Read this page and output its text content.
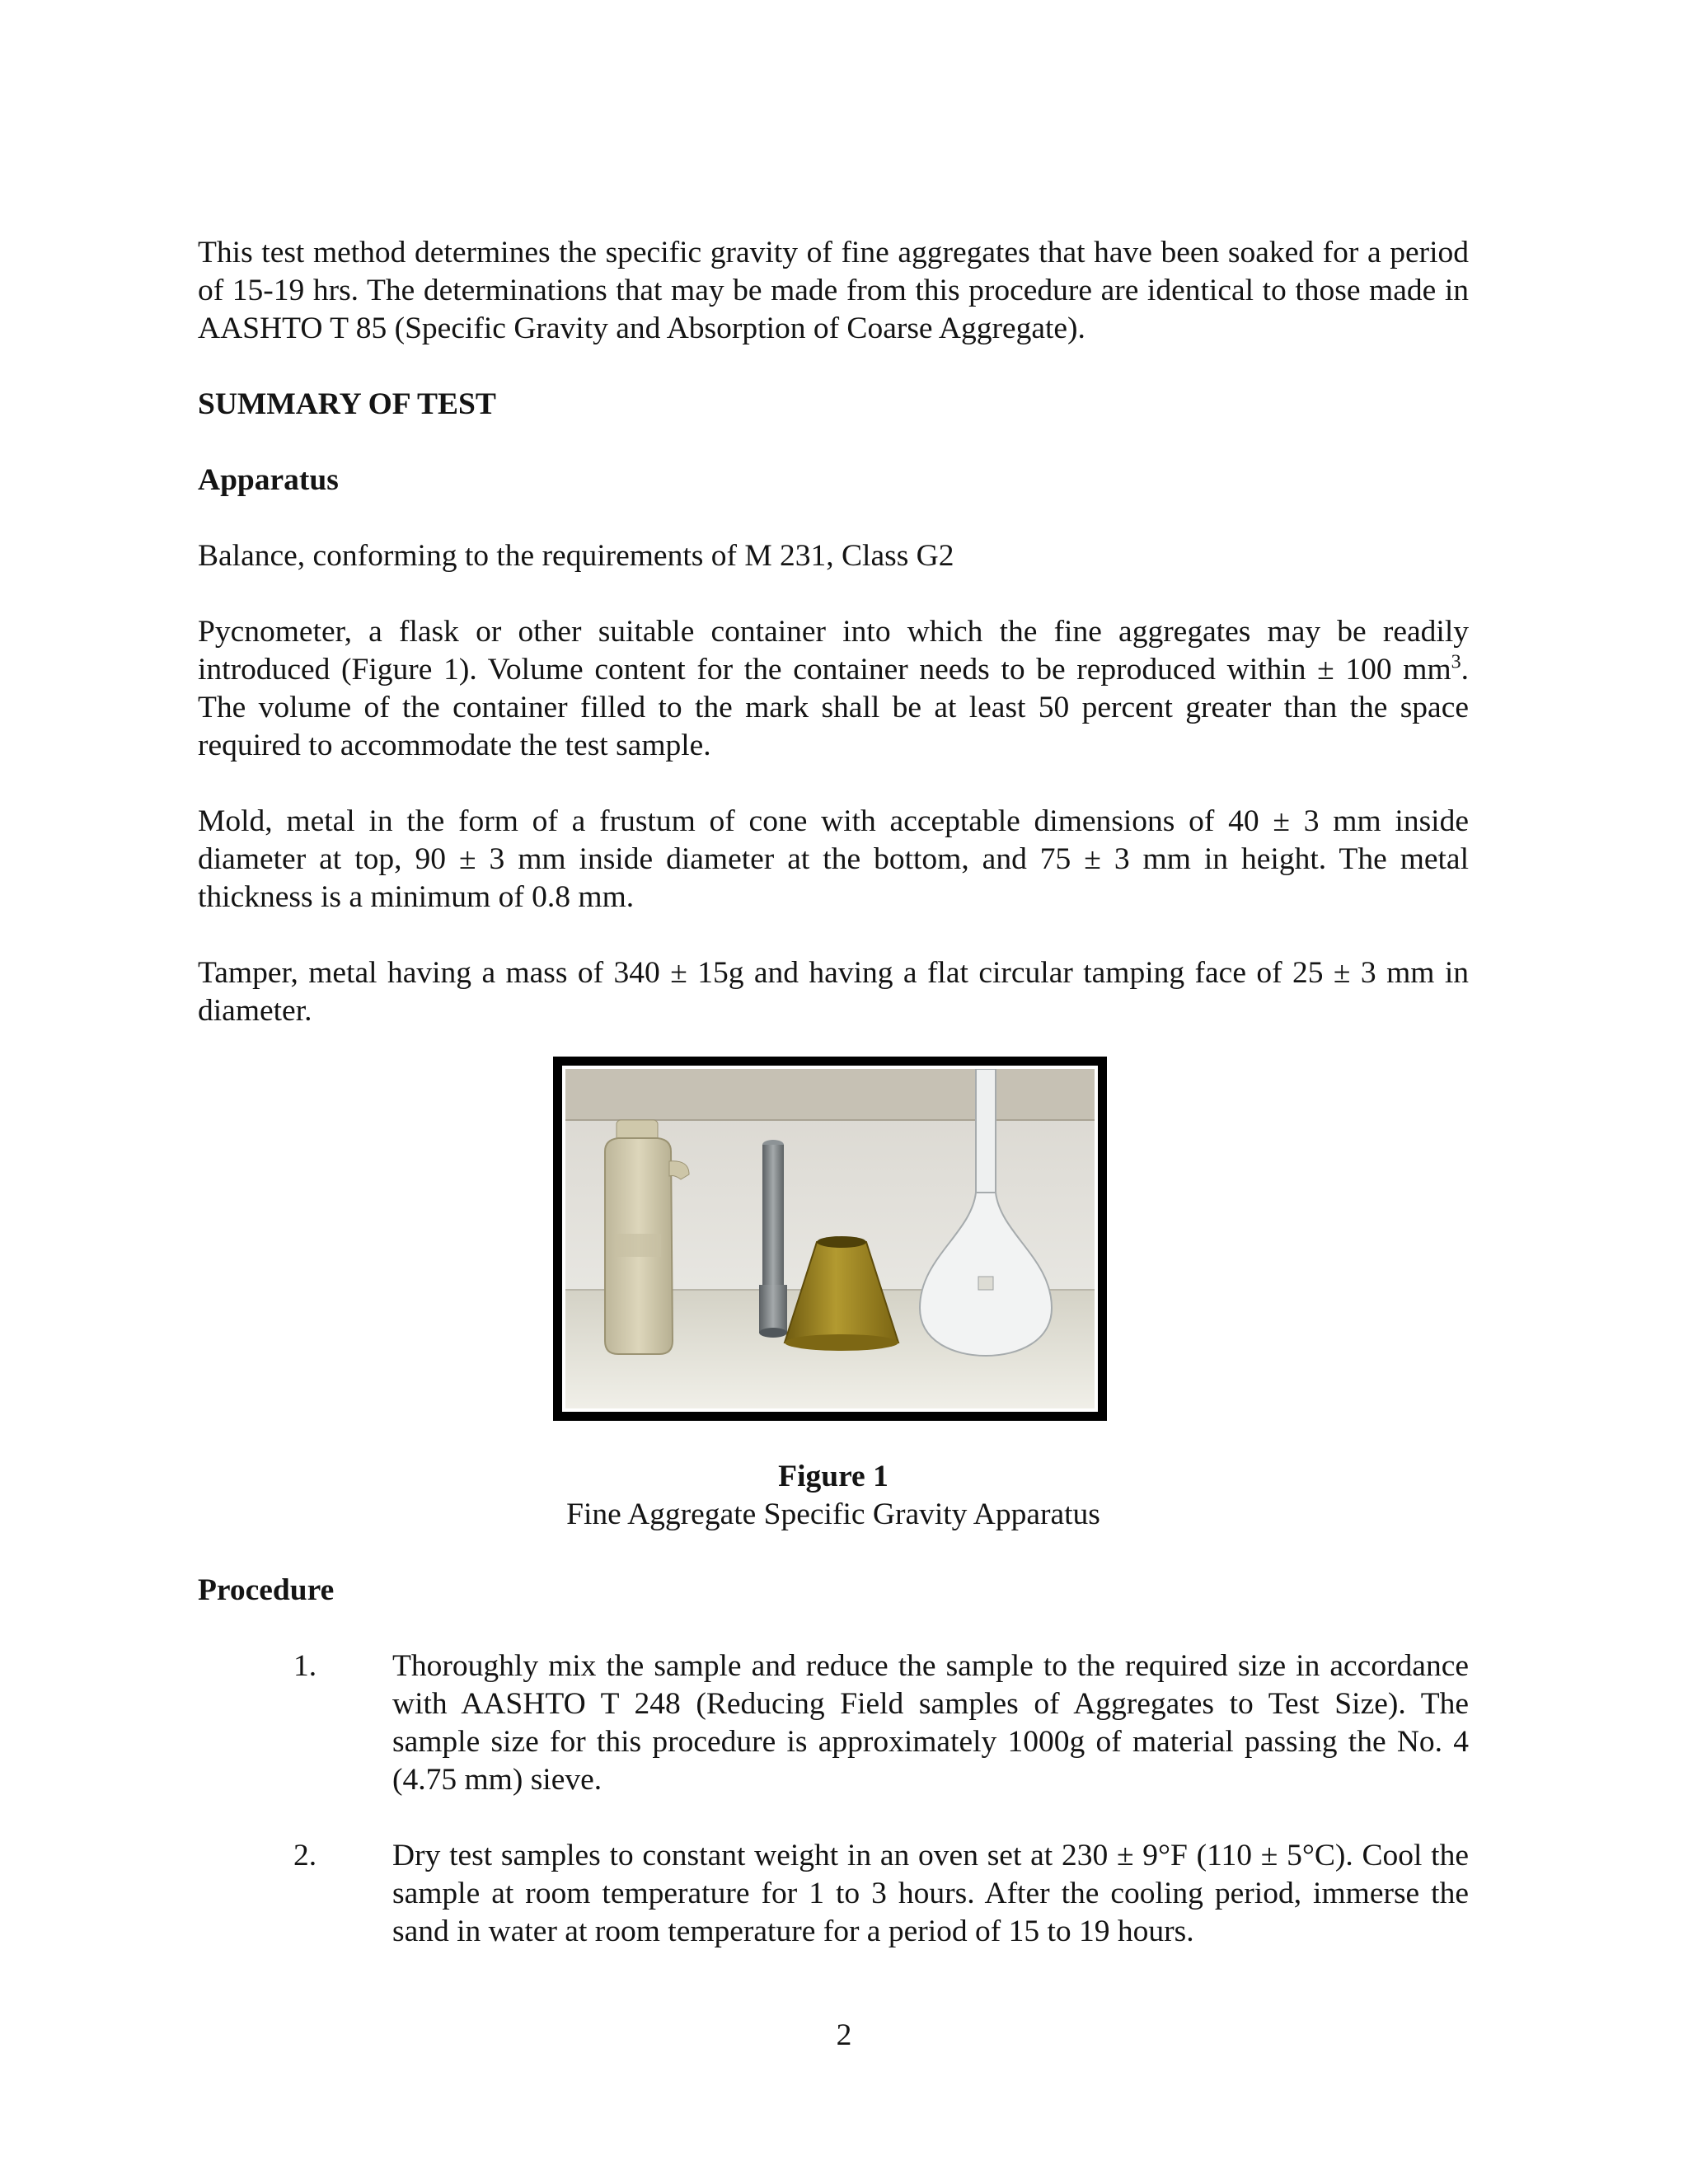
This test method determines the specific gravity of fine aggregates that have been soaked for a period of 15-19 hrs. The determinations that may be made from this procedure are identical to those made in AASHTO T 85 (Specific Gravity and Absorption of Coarse Aggregate).

SUMMARY OF TEST

Apparatus

Balance, conforming to the requirements of M 231, Class G2

Pycnometer, a flask or other suitable container into which the fine aggregates may be readily introduced (Figure 1). Volume content for the container needs to be reproduced within ± 100 $mm^3$. The volume of the container filled to the mark shall be at least 50 percent greater than the space required to accommodate the test sample.

Mold, metal in the form of a frustum of cone with acceptable dimensions of 40 ± 3 mm inside diameter at top, 90 ± 3 mm inside diameter at the bottom, and 75 ± 3 mm in height. The metal thickness is a minimum of 0.8 mm.

Tamper, metal having a mass of 340 ± 15g and having a flat circular tamping face of 25 ± 3 mm in diameter.

Figure 1

Fine Aggregate Specific Gravity Apparatus

Procedure

1.	Thoroughly mix the sample and reduce the sample to the required size in accordance with AASHTO T 248 (Reducing Field samples of Aggregates to Test Size). The sample size for this procedure is approximately 1000g of material passing the No. 4 (4.75 mm) sieve.

2.	Dry test samples to constant weight in an oven set at 230 ± 9°F (110 ± 5°C). Cool the sample at room temperature for 1 to 3 hours. After the cooling period, immerse the sand in water at room temperature for a period of 15 to 19 hours.

2
